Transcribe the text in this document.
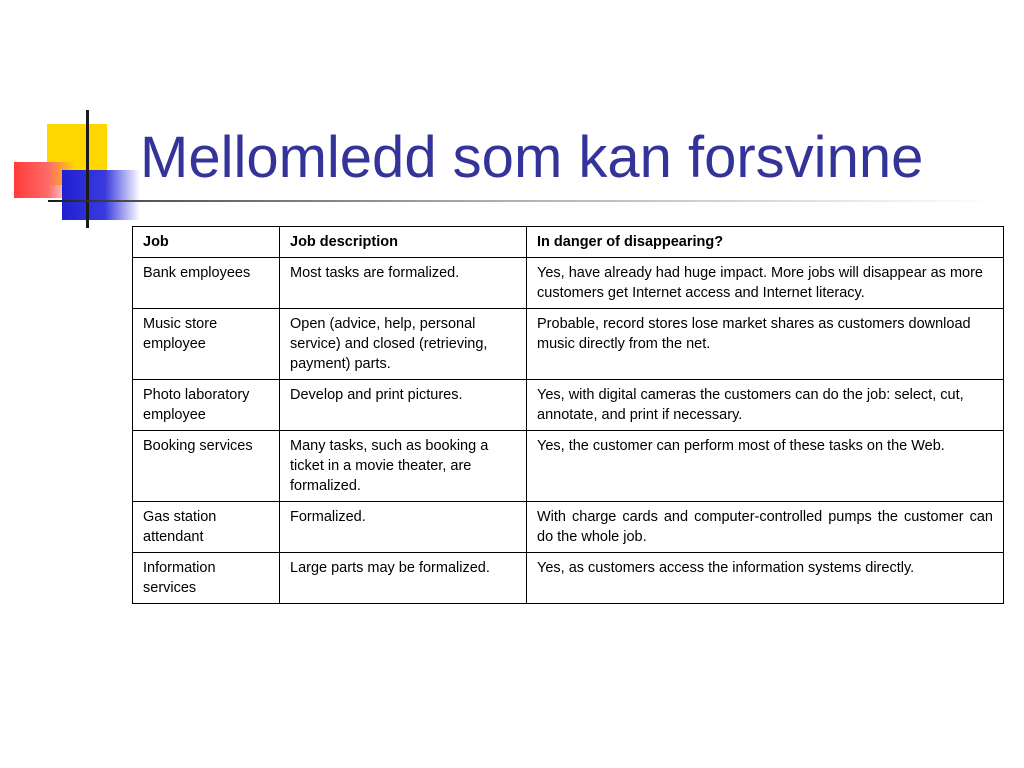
Mellomledd som kan forsvinne
Job	Job description	In danger of disappearing?
Bank employees	Most tasks are formalized.	Yes, have already had huge impact. More jobs will disappear as more customers get Internet access and Internet literacy.
Music store employee	Open (advice, help, personal service) and closed (retrieving, payment) parts.	Probable, record stores lose market shares as customers download music directly from the net.
Photo laboratory employee	Develop and print pictures.	Yes, with digital cameras the customers can do the job: select, cut, annotate, and print if necessary.
Booking services	Many tasks, such as booking a ticket in a movie theater, are formalized.	Yes, the customer can perform most of these tasks on the Web.
Gas station attendant	Formalized.	With charge cards and computer-controlled pumps the customer can do the whole job.
Information services	Large parts may be formalized.	Yes, as customers access the information systems directly.
